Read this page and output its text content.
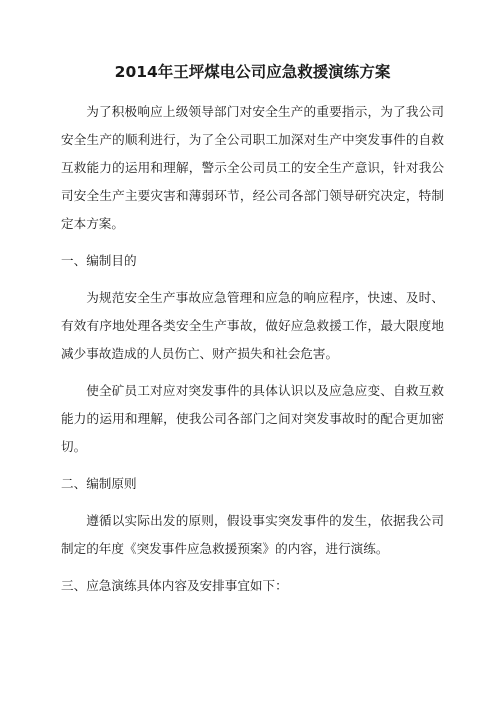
2014年王坪煤电公司应急救援演练方案

为了积极响应上级领导部门对安全生产的重要指示，为了我公司安全生产的顺利进行，为了全公司职工加深对生产中突发事件的自救互救能力的运用和理解，警示全公司员工的安全生产意识，针对我公司安全生产主要灾害和薄弱环节，经公司各部门领导研究决定，特制定本方案。

一、编制目的

为规范安全生产事故应急管理和应急的响应程序，快速、及时、有效有序地处理各类安全生产事故，做好应急救援工作，最大限度地减少事故造成的人员伤亡、财产损失和社会危害。

使全矿员工对应对突发事件的具体认识以及应急应变、自救互救能力的运用和理解，使我公司各部门之间对突发事故时的配合更加密切。

二、编制原则

遵循以实际出发的原则，假设事实突发事件的发生，依据我公司制定的年度《突发事件应急救援预案》的内容，进行演练。

三、应急演练具体内容及安排事宜如下：
